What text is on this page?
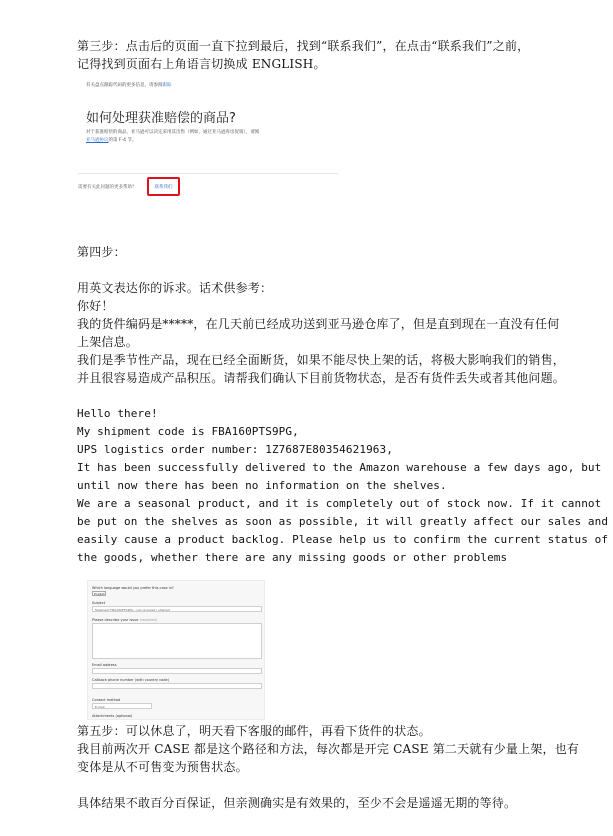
第三步：点击后的页面一直下拉到最后，找到“联系我们”，在点击“联系我们”之前，

记得找到页面右上角语言切换成 ENGLISH。

有关盘点跟踪代码的更多信息，请参阅跟踪
如何处理获准赔偿的商品?
对于获准赔偿的商品，亚马逊可以决定采用其出售（例如，通过亚马逊库房促销），请阅
亚马逊协议的第 F-4 节。
需要有关此问题的更多帮助？	联系我们

第四步：

用英文表达你的诉求。话术供参考：

你好！

我的货件编码是*****，在几天前已经成功送到亚马逊仓库了，但是直到现在一直没有任何

上架信息。

我们是季节性产品，现在已经全面断货，如果不能尽快上架的话，将极大影响我们的销售，

并且很容易造成产品积压。请帮我们确认下目前货物状态，是否有货件丢失或者其他问题。

Hello there!

My shipment code is FBA160PTS9PG,

UPS logistics order number: 1Z7687E80354621963,

It has been successfully delivered to the Amazon warehouse a few days ago, but

until now there has been no information on the shelves.

We are a seasonal product, and it is completely out of stock now. If it cannot

be put on the shelves as soon as possible, it will greatly affect our sales and

easily cause a product backlog. Please help us to confirm the current status of

the goods, whether there are any missing goods or other problems

Which language would you prefer this case in?
English
Subject
Shipment FBA160PTS9PG - not received / shelved
Please describe your issue (required)
Email address
Callback phone number (with country code)
Contact method
E-mail
Attachments (optional)

第五步：可以休息了，明天看下客服的邮件，再看下货件的状态。

我目前两次开 CASE 都是这个路径和方法，每次都是开完 CASE 第二天就有少量上架，也有

变体是从不可售变为预售状态。

具体结果不敢百分百保证，但亲测确实是有效果的，至少不会是遥遥无期的等待。
